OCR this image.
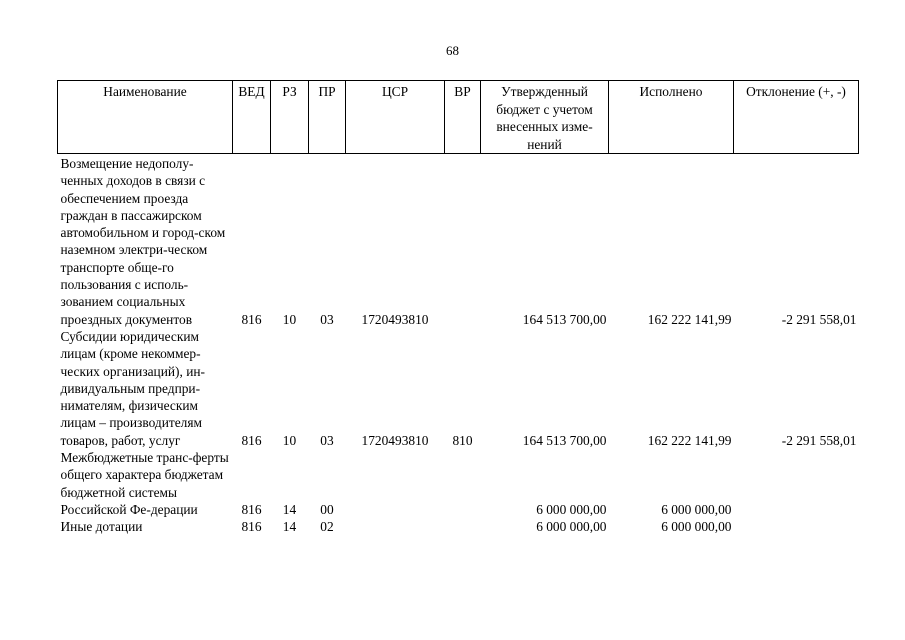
68
Наименование	ВЕД	РЗ	ПР	ЦСР	ВР	Утвержденный бюджет с учетом внесенных изме-нений	Исполнено	Отклонение (+, -)
Возмещение недополу-ченных доходов в связи с обеспечением проезда граждан в пассажирском автомобильном и город-ском наземном электри-ческом транспорте обще-го пользования с исполь-зованием социальных проездных документов	816	10	03	1720493810		164 513 700,00	162 222 141,99	-2 291 558,01
Субсидии юридическим лицам (кроме некоммер-ческих организаций), ин-дивидуальным предпри-нимателям, физическим лицам – производителям товаров, работ, услуг	816	10	03	1720493810	810	164 513 700,00	162 222 141,99	-2 291 558,01
Межбюджетные транс-ферты общего характера бюджетам бюджетной системы Российской Фе-дерации	816	14	00			6 000 000,00	6 000 000,00	
Иные дотации	816	14	02			6 000 000,00	6 000 000,00	
